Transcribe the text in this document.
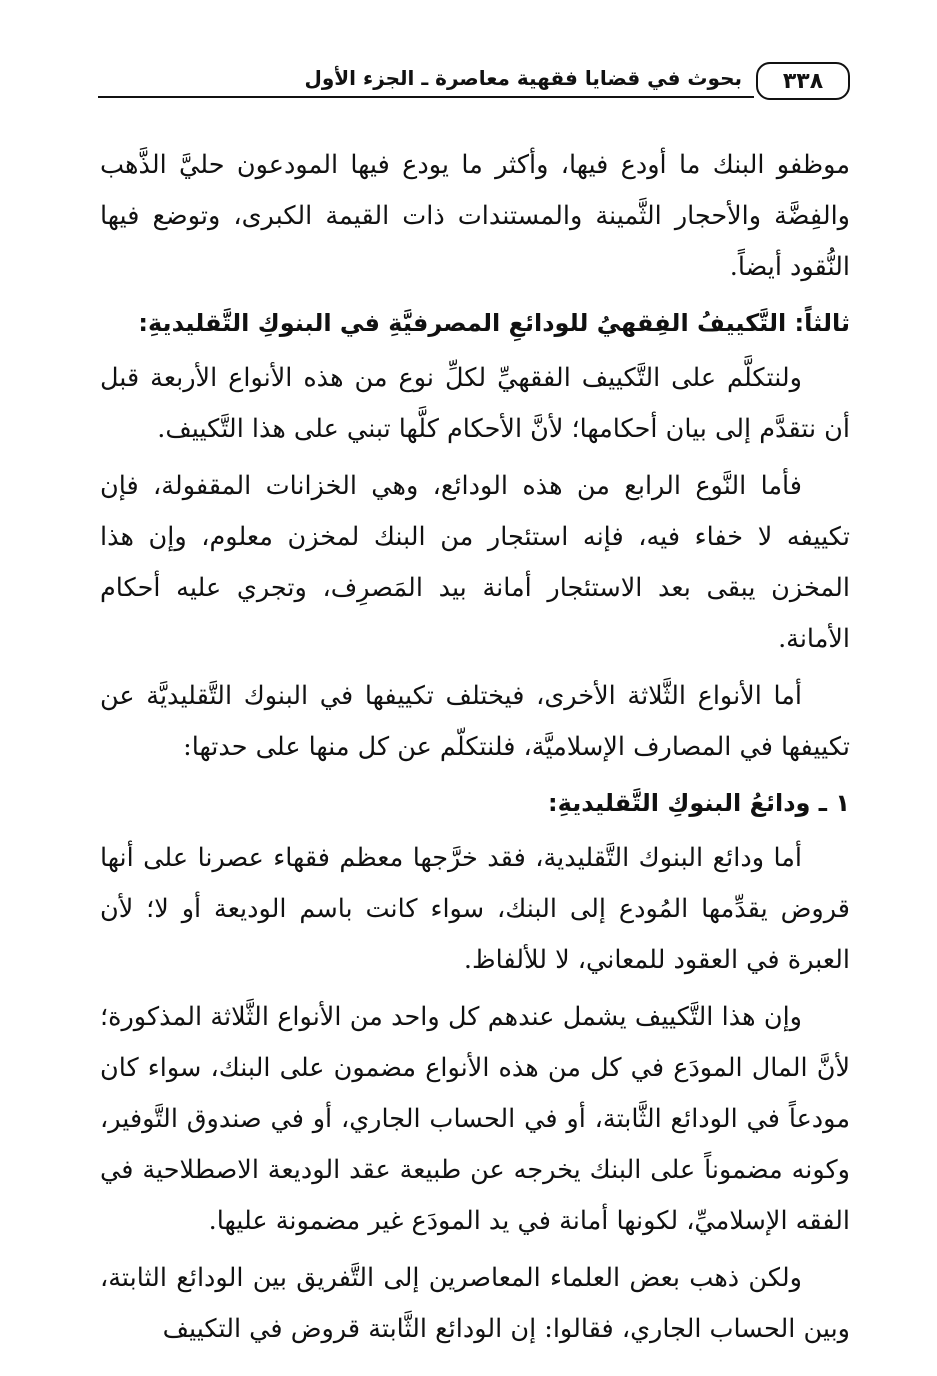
٣٣٨
بحوث في قضايا فقهية معاصرة ـ الجزء الأول

موظفو البنك ما أودع فيها، وأكثر ما يودع فيها المودعون حليَّ الذَّهب والفِضَّة والأحجار الثَّمينة والمستندات ذات القيمة الكبرى، وتوضع فيها النُّقود أيضاً.

ثالثاً: التَّكييفُ الفِقهيُ للودائعِ المصرفيَّةِ في البنوكِ التَّقليديةِ:

ولنتكلَّم على التَّكييف الفقهيِّ لكلِّ نوع من هذه الأنواع الأربعة قبل أن نتقدَّم إلى بيان أحكامها؛ لأنَّ الأحكام كلَّها تبني على هذا التَّكييف.

فأما النَّوع الرابع من هذه الودائع، وهي الخزانات المقفولة، فإن تكييفه لا خفاء فيه، فإنه استئجار من البنك لمخزن معلوم، وإن هذا المخزن يبقى بعد الاستئجار أمانة بيد المَصرِف، وتجري عليه أحكام الأمانة.

أما الأنواع الثَّلاثة الأخرى، فيختلف تكييفها في البنوك التَّقليديَّة عن تكييفها في المصارف الإسلاميَّة، فلنتكلّم عن كل منها على حدتها:

١ ـ ودائعُ البنوكِ التَّقليديةِ:

أما ودائع البنوك التَّقليدية، فقد خرَّجها معظم فقهاء عصرنا على أنها قروض يقدِّمها المُودع إلى البنك، سواء كانت باسم الوديعة أو لا؛ لأن العبرة في العقود للمعاني، لا للألفاظ.

وإن هذا التَّكييف يشمل عندهم كل واحد من الأنواع الثَّلاثة المذكورة؛ لأنَّ المال المودَع في كل من هذه الأنواع مضمون على البنك، سواء كان مودعاً في الودائع الثَّابتة، أو في الحساب الجاري، أو في صندوق التَّوفير، وكونه مضموناً على البنك يخرجه عن طبيعة عقد الوديعة الاصطلاحية في الفقه الإسلاميِّ، لكونها أمانة في يد المودَع غير مضمونة عليها.

ولكن ذهب بعض العلماء المعاصرين إلى التَّفريق بين الودائع الثابتة، وبين الحساب الجاري، فقالوا: إن الودائع الثَّابتة قروض في التكييف
